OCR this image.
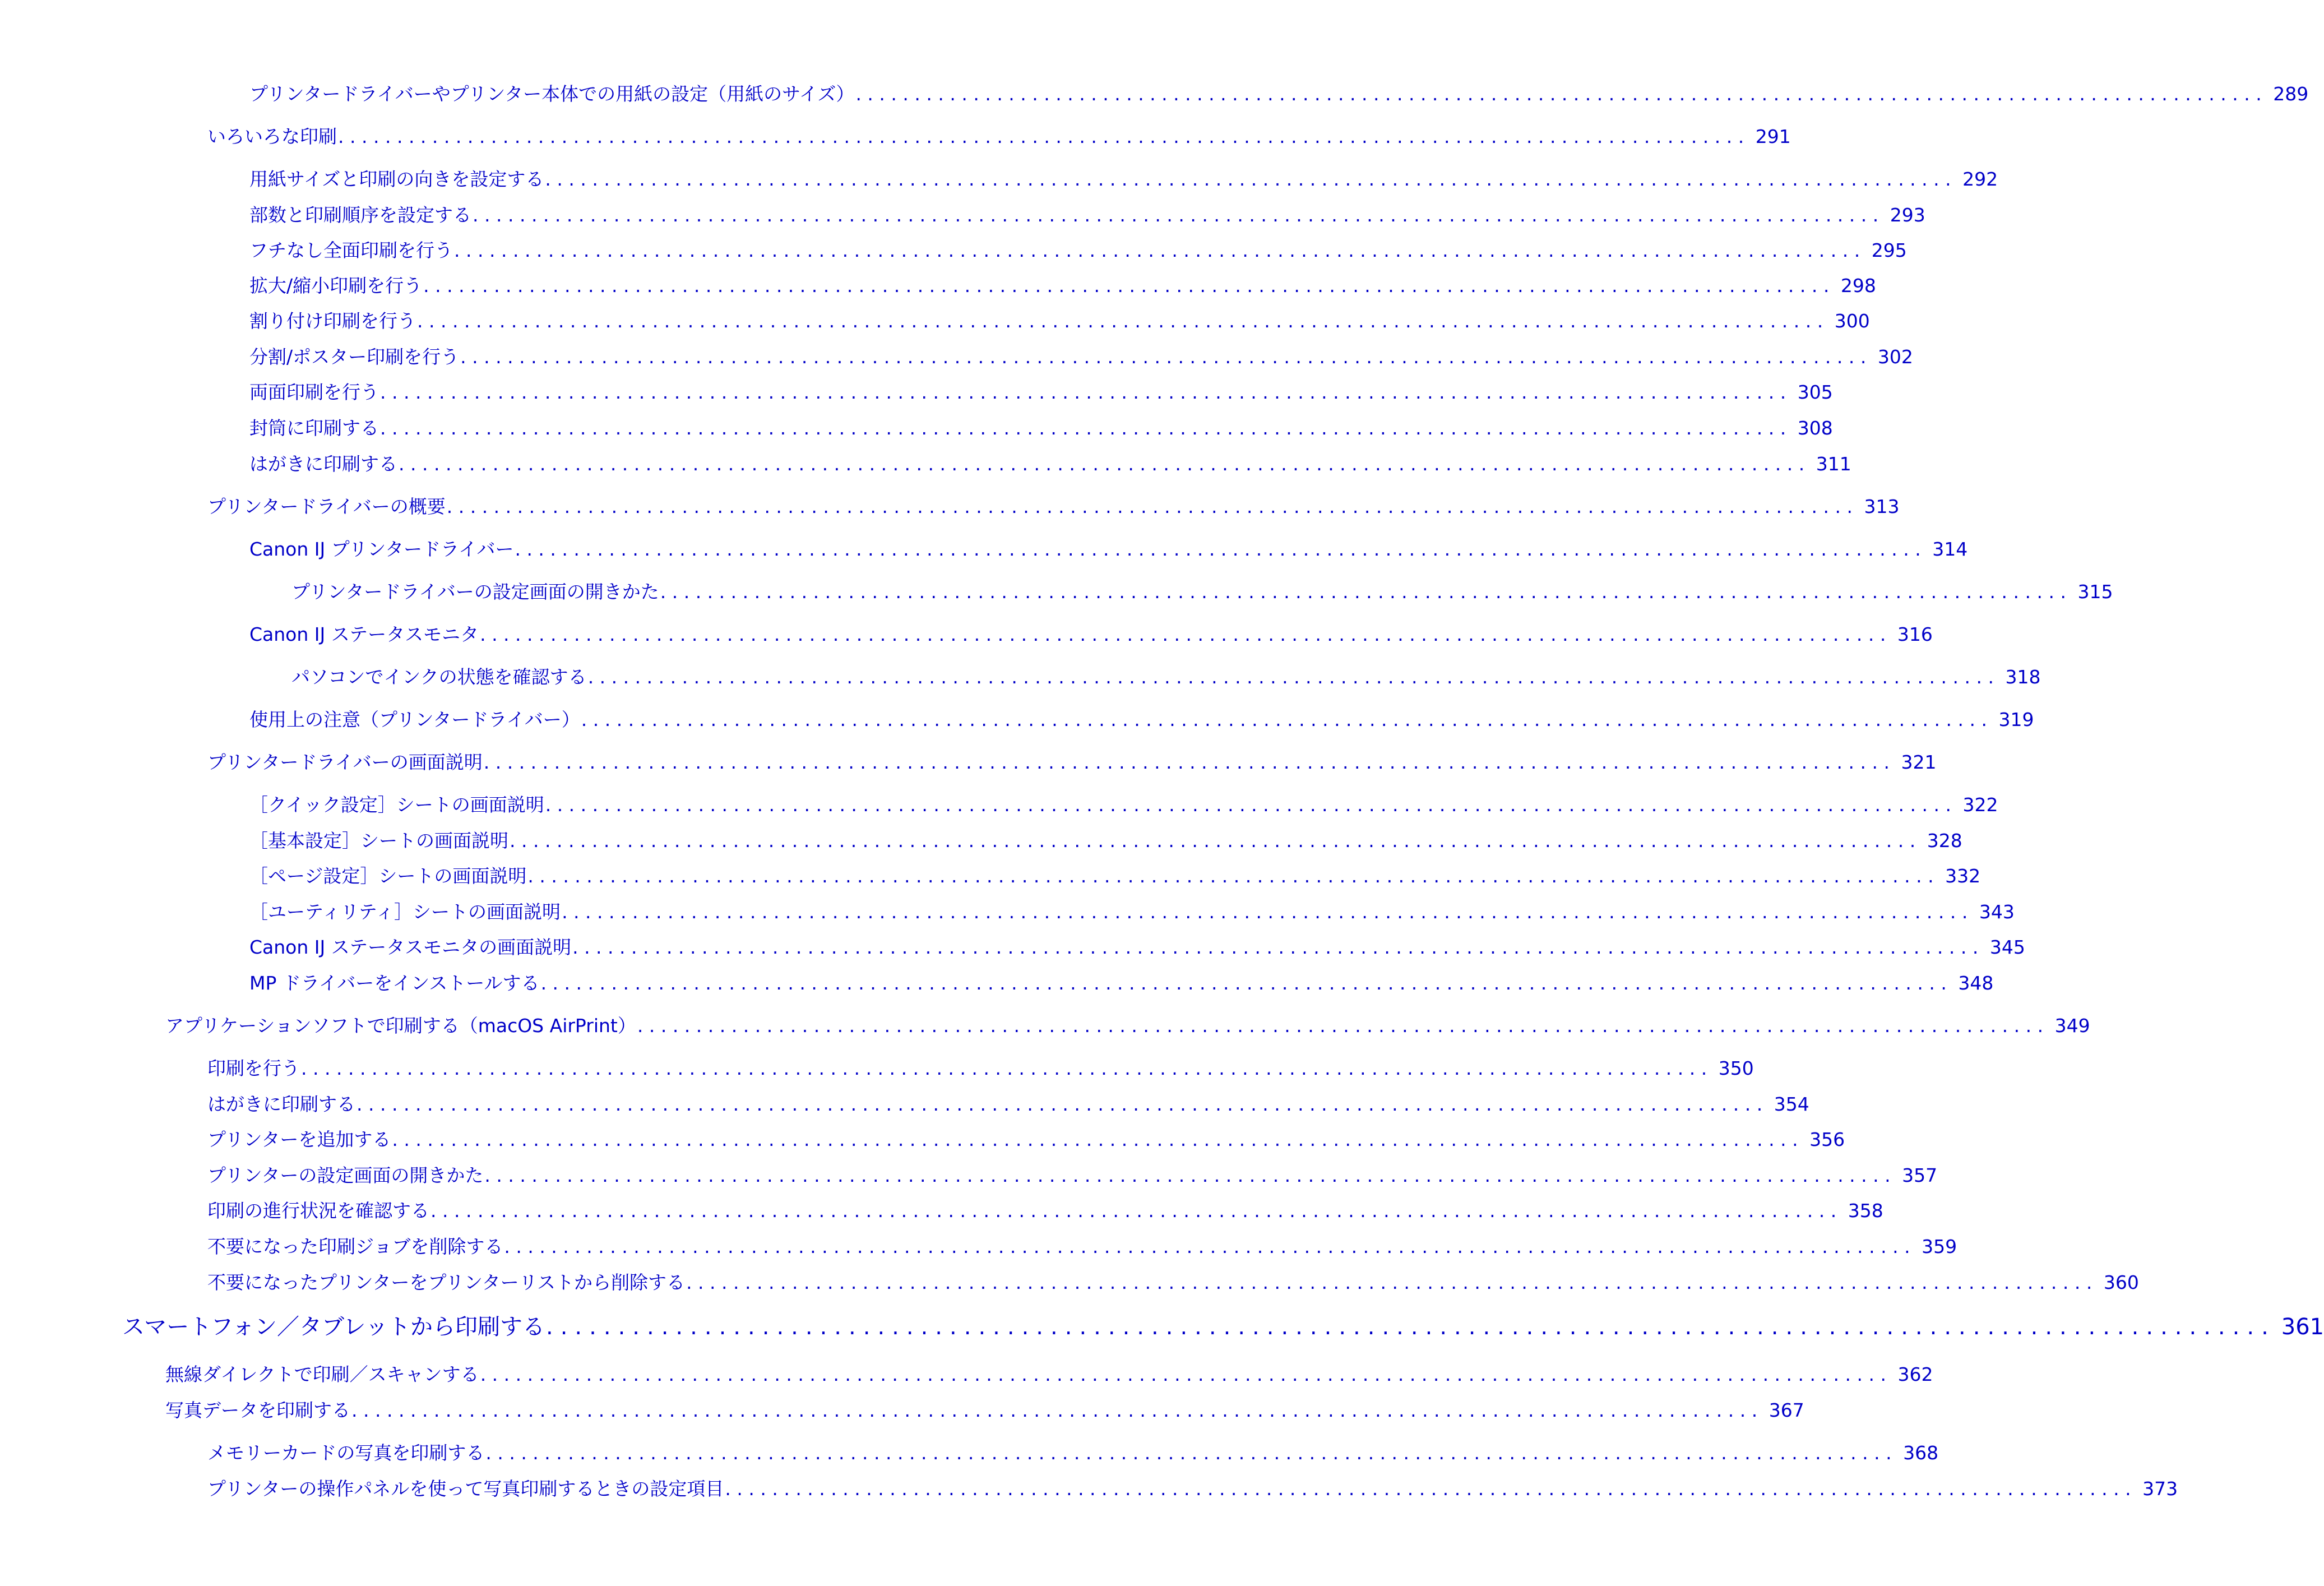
プリンタードライバーやプリンター本体での用紙の設定（用紙のサイズ） ........................................................................................................................ 289
いろいろな印刷 ........................................................................................................................ 291
用紙サイズと印刷の向きを設定する ........................................................................................................................ 292
部数と印刷順序を設定する ........................................................................................................................ 293
フチなし全面印刷を行う ........................................................................................................................ 295
拡大/縮小印刷を行う ........................................................................................................................ 298
割り付け印刷を行う ........................................................................................................................ 300
分割/ポスター印刷を行う ........................................................................................................................ 302
両面印刷を行う ........................................................................................................................ 305
封筒に印刷する ........................................................................................................................ 308
はがきに印刷する ........................................................................................................................ 311
プリンタードライバーの概要 ........................................................................................................................ 313
Canon IJ プリンタードライバー ........................................................................................................................ 314
プリンタードライバーの設定画面の開きかた ........................................................................................................................ 315
Canon IJ ステータスモニタ ........................................................................................................................ 316
パソコンでインクの状態を確認する ........................................................................................................................ 318
使用上の注意（プリンタードライバー） ........................................................................................................................ 319
プリンタードライバーの画面説明 ........................................................................................................................ 321
［クイック設定］シートの画面説明 ........................................................................................................................ 322
［基本設定］シートの画面説明 ........................................................................................................................ 328
［ページ設定］シートの画面説明 ........................................................................................................................ 332
［ユーティリティ］シートの画面説明 ........................................................................................................................ 343
Canon IJ ステータスモニタの画面説明 ........................................................................................................................ 345
MP ドライバーをインストールする ........................................................................................................................ 348
アプリケーションソフトで印刷する（macOS AirPrint） ........................................................................................................................ 349
印刷を行う ........................................................................................................................ 350
はがきに印刷する ........................................................................................................................ 354
プリンターを追加する ........................................................................................................................ 356
プリンターの設定画面の開きかた ........................................................................................................................ 357
印刷の進行状況を確認する ........................................................................................................................ 358
不要になった印刷ジョブを削除する ........................................................................................................................ 359
不要になったプリンターをプリンターリストから削除する ........................................................................................................................ 360
スマートフォン／タブレットから印刷する ........................................................................................................................ 361
無線ダイレクトで印刷／スキャンする ........................................................................................................................ 362
写真データを印刷する ........................................................................................................................ 367
メモリーカードの写真を印刷する ........................................................................................................................ 368
プリンターの操作パネルを使って写真印刷するときの設定項目 ........................................................................................................................ 373
